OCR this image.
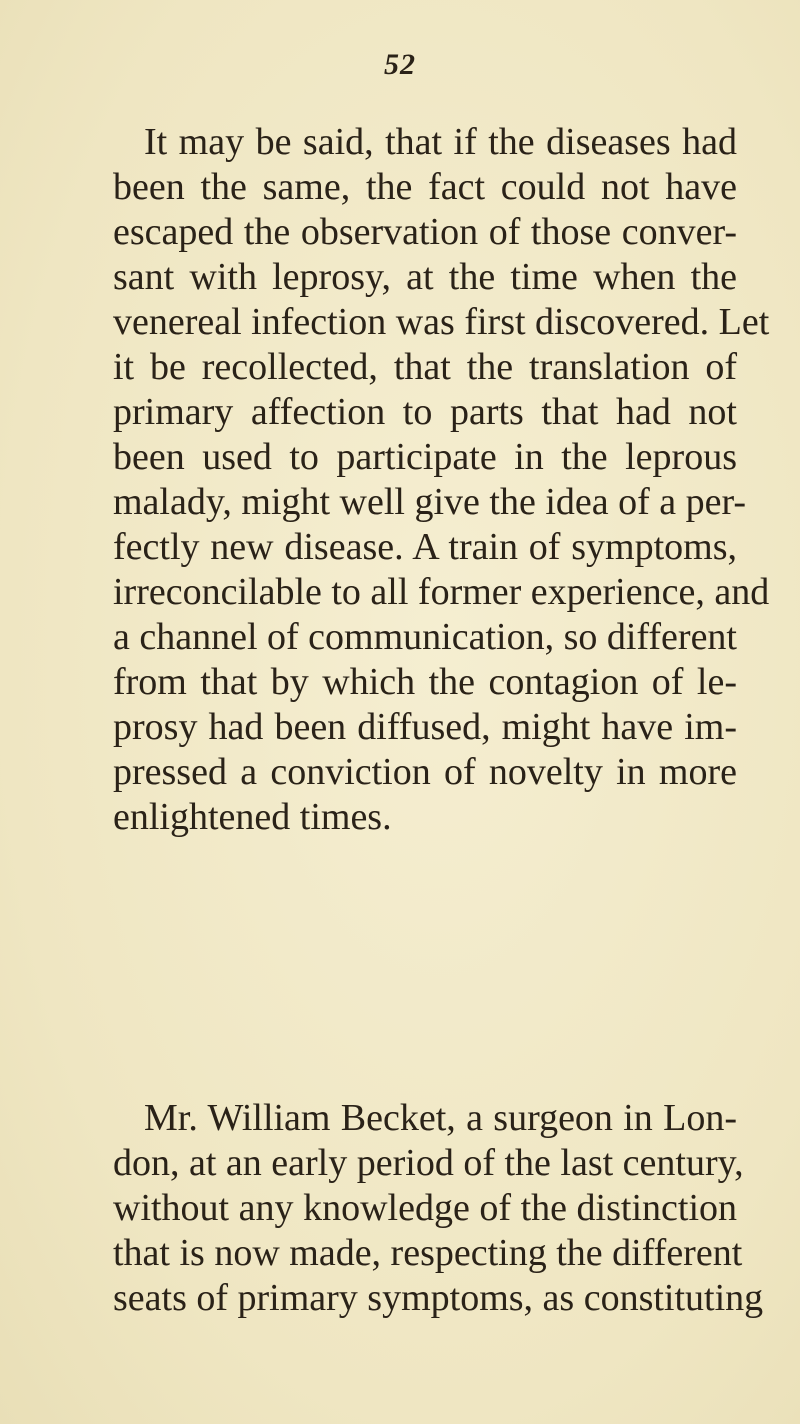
52
It may be said, that if the diseases had
been the same, the fact could not have
escaped the observation of those conver-
sant with leprosy, at the time when the
venereal infection was first discovered. Let
it be recollected, that the translation of
primary affection to parts that had not
been used to participate in the leprous
malady, might well give the idea of a per-
fectly new disease. A train of symptoms,
irreconcilable to all former experience, and
a channel of communication, so different
from that by which the contagion of le-
prosy had been diffused, might have im-
pressed a conviction of novelty in more
enlightened times.
Mr. William Becket, a surgeon in Lon-
don, at an early period of the last century,
without any knowledge of the distinction
that is now made, respecting the different
seats of primary symptoms, as constituting
